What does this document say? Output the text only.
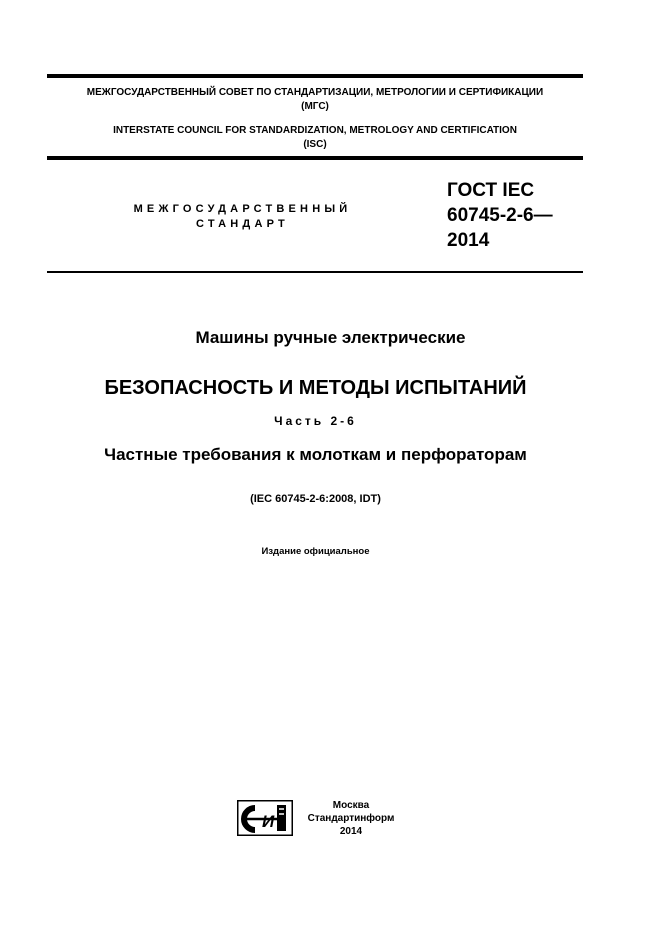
МЕЖГОСУДАРСТВЕННЫЙ СОВЕТ ПО СТАНДАРТИЗАЦИИ, МЕТРОЛОГИИ И СЕРТИФИКАЦИИ
(МГС)
INTERSTATE COUNCIL FOR STANDARDIZATION, METROLOGY AND CERTIFICATION
(ISC)
МЕЖГОСУДАРСТВЕННЫЙ
СТАНДАРТ
ГОСТ IEC
60745-2-6—
2014
Машины ручные электрические
БЕЗОПАСНОСТЬ И МЕТОДЫ ИСПЫТАНИЙ
Часть 2-6
Частные требования к молоткам и перфораторам
(IEC 60745-2-6:2008, IDT)
Издание официальное
И
Москва
Стандартинформ
2014
